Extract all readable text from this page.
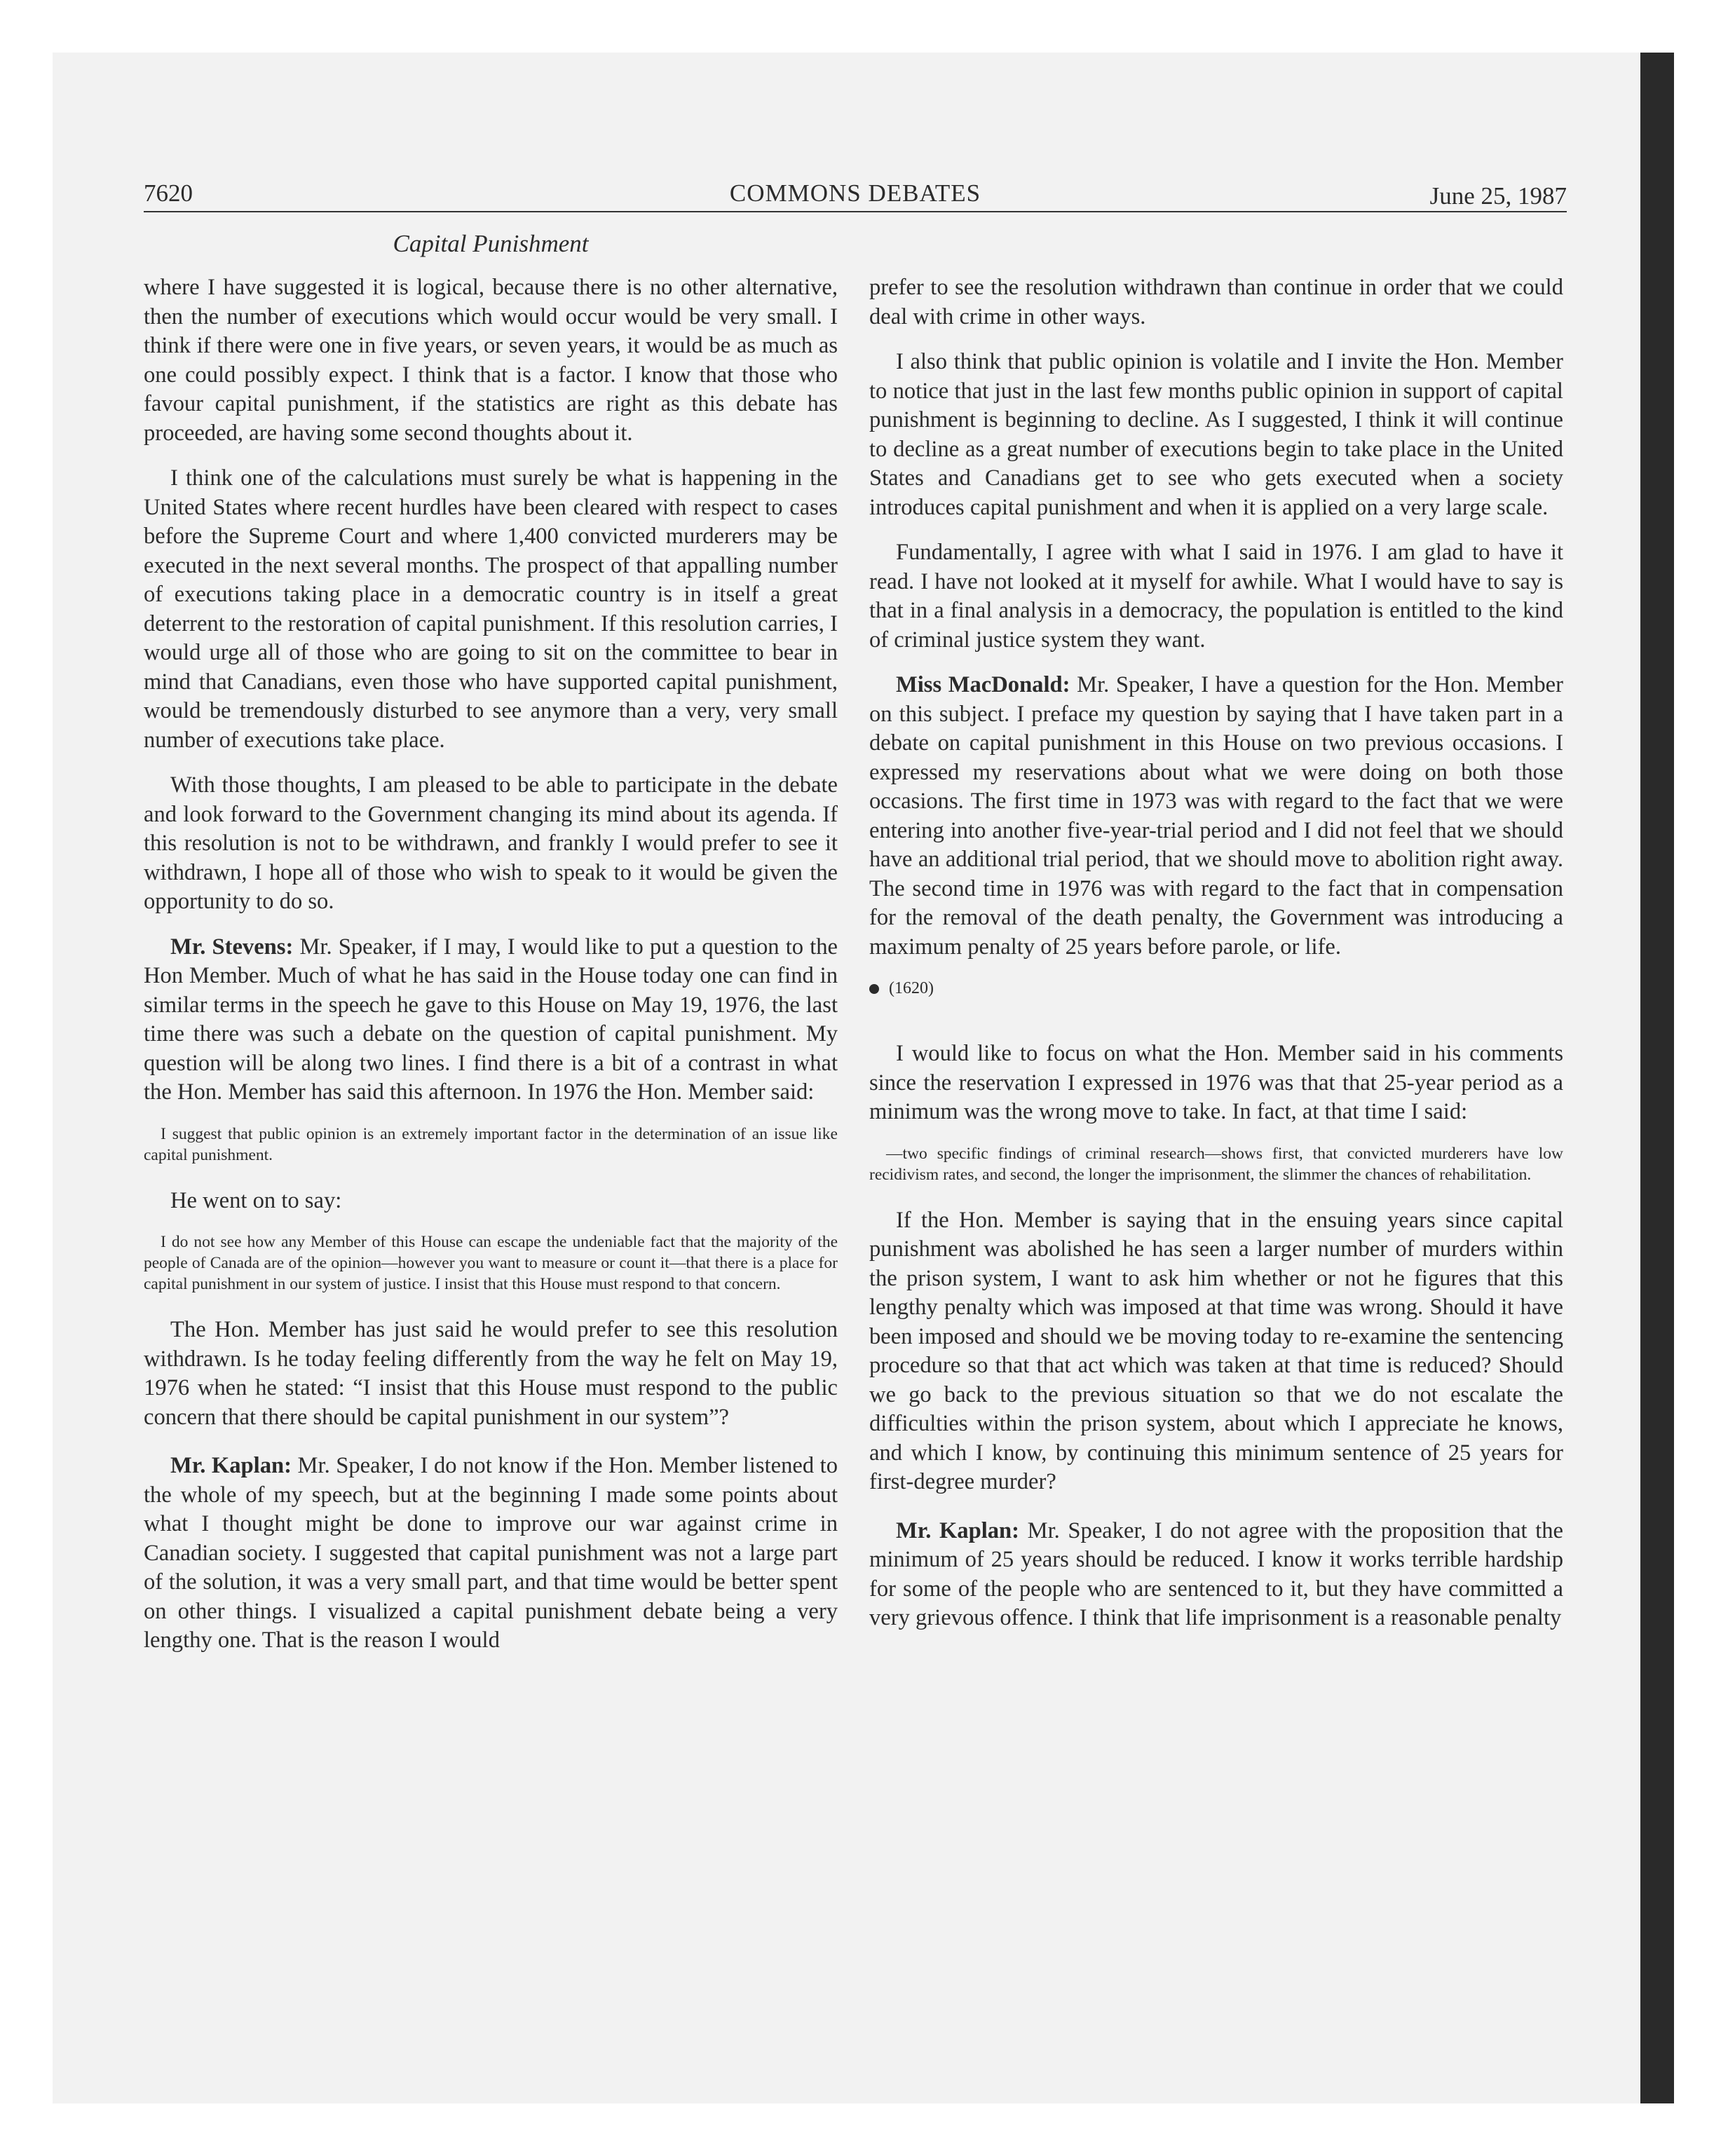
7620	COMMONS DEBATES	June 25, 1987
Capital Punishment

where I have suggested it is logical, because there is no other alternative, then the number of executions which would occur would be very small. I think if there were one in five years, or seven years, it would be as much as one could possibly expect. I think that is a factor. I know that those who favour capital punishment, if the statistics are right as this debate has proceeded, are having some second thoughts about it.

I think one of the calculations must surely be what is happening in the United States where recent hurdles have been cleared with respect to cases before the Supreme Court and where 1,400 convicted murderers may be executed in the next several months. The prospect of that appalling number of executions taking place in a democratic country is in itself a great deterrent to the restoration of capital punishment. If this resolution carries, I would urge all of those who are going to sit on the committee to bear in mind that Canadians, even those who have supported capital punishment, would be tremendously disturbed to see anymore than a very, very small number of executions take place.

With those thoughts, I am pleased to be able to participate in the debate and look forward to the Government changing its mind about its agenda. If this resolution is not to be withdrawn, and frankly I would prefer to see it withdrawn, I hope all of those who wish to speak to it would be given the opportunity to do so.

Mr. Stevens: Mr. Speaker, if I may, I would like to put a question to the Hon Member. Much of what he has said in the House today one can find in similar terms in the speech he gave to this House on May 19, 1976, the last time there was such a debate on the question of capital punishment. My question will be along two lines. I find there is a bit of a contrast in what the Hon. Member has said this afternoon. In 1976 the Hon. Member said:

I suggest that public opinion is an extremely important factor in the determination of an issue like capital punishment.

He went on to say:

I do not see how any Member of this House can escape the undeniable fact that the majority of the people of Canada are of the opinion—however you want to measure or count it—that there is a place for capital punishment in our system of justice. I insist that this House must respond to that concern.

The Hon. Member has just said he would prefer to see this resolution withdrawn. Is he today feeling differently from the way he felt on May 19, 1976 when he stated: “I insist that this House must respond to the public concern that there should be capital punishment in our system”?

Mr. Kaplan: Mr. Speaker, I do not know if the Hon. Member listened to the whole of my speech, but at the beginning I made some points about what I thought might be done to improve our war against crime in Canadian society. I suggested that capital punishment was not a large part of the solution, it was a very small part, and that time would be better spent on other things. I visualized a capital punishment debate being a very lengthy one. That is the reason I would

prefer to see the resolution withdrawn than continue in order that we could deal with crime in other ways.

I also think that public opinion is volatile and I invite the Hon. Member to notice that just in the last few months public opinion in support of capital punishment is beginning to decline. As I suggested, I think it will continue to decline as a great number of executions begin to take place in the United States and Canadians get to see who gets executed when a society introduces capital punishment and when it is applied on a very large scale.

Fundamentally, I agree with what I said in 1976. I am glad to have it read. I have not looked at it myself for awhile. What I would have to say is that in a final analysis in a democracy, the population is entitled to the kind of criminal justice system they want.

Miss MacDonald: Mr. Speaker, I have a question for the Hon. Member on this subject. I preface my question by saying that I have taken part in a debate on capital punishment in this House on two previous occasions. I expressed my reservations about what we were doing on both those occasions. The first time in 1973 was with regard to the fact that we were entering into another five-year-trial period and I did not feel that we should have an additional trial period, that we should move to abolition right away. The second time in 1976 was with regard to the fact that in compensation for the removal of the death penalty, the Government was introducing a maximum penalty of 25 years before parole, or life.

(1620)

I would like to focus on what the Hon. Member said in his comments since the reservation I expressed in 1976 was that that 25-year period as a minimum was the wrong move to take. In fact, at that time I said:

—two specific findings of criminal research—shows first, that convicted murderers have low recidivism rates, and second, the longer the imprisonment, the slimmer the chances of rehabilitation.

If the Hon. Member is saying that in the ensuing years since capital punishment was abolished he has seen a larger number of murders within the prison system, I want to ask him whether or not he figures that this lengthy penalty which was imposed at that time was wrong. Should it have been imposed and should we be moving today to re-examine the sentencing procedure so that that act which was taken at that time is reduced? Should we go back to the previous situation so that we do not escalate the difficulties within the prison system, about which I appreciate he knows, and which I know, by continuing this minimum sentence of 25 years for first-degree murder?

Mr. Kaplan: Mr. Speaker, I do not agree with the proposition that the minimum of 25 years should be reduced. I know it works terrible hardship for some of the people who are sentenced to it, but they have committed a very grievous offence. I think that life imprisonment is a reasonable penalty
